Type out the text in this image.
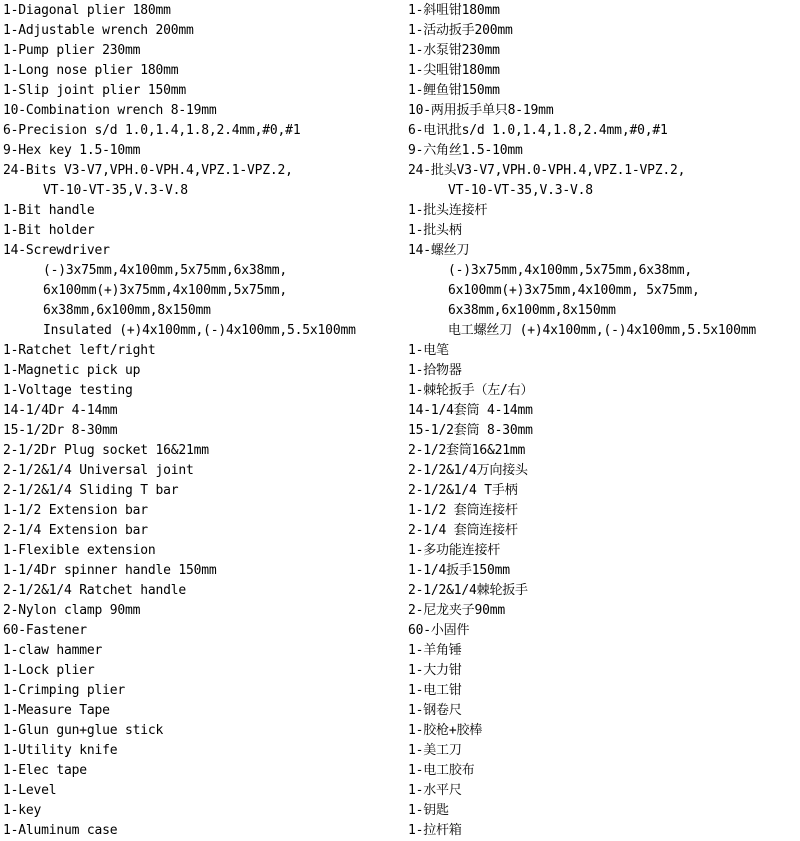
1-Diagonal plier 180mm
1-Adjustable wrench 200mm
1-Pump plier 230mm
1-Long nose plier 180mm
1-Slip joint plier 150mm
10-Combination wrench 8-19mm
6-Precision s/d 1.0,1.4,1.8,2.4mm,#0,#1
9-Hex key 1.5-10mm
24-Bits V3-V7,VPH.0-VPH.4,VPZ.1-VPZ.2,
VT-10-VT-35,V.3-V.8
1-Bit handle
1-Bit holder
14-Screwdriver
(-)3x75mm,4x100mm,5x75mm,6x38mm,
6x100mm(+)3x75mm,4x100mm,5x75mm,
6x38mm,6x100mm,8x150mm
Insulated (+)4x100mm,(-)4x100mm,5.5x100mm
1-Ratchet left/right
1-Magnetic pick up
1-Voltage testing
14-1/4Dr 4-14mm
15-1/2Dr 8-30mm
2-1/2Dr Plug socket 16&21mm
2-1/2&1/4 Universal joint
2-1/2&1/4 Sliding T bar
1-1/2 Extension bar
2-1/4 Extension bar
1-Flexible extension
1-1/4Dr spinner handle 150mm
2-1/2&1/4 Ratchet handle
2-Nylon clamp 90mm
60-Fastener
1-claw hammer
1-Lock plier
1-Crimping plier
1-Measure Tape
1-Glun gun+glue stick
1-Utility knife
1-Elec tape
1-Level
1-key
1-Aluminum case
1-斜咀钳180mm
1-活动扳手200mm
1-水泵钳230mm
1-尖咀钳180mm
1-鲤鱼钳150mm
10-两用扳手单只8-19mm
6-电讯批s/d 1.0,1.4,1.8,2.4mm,#0,#1
9-六角丝1.5-10mm
24-批头V3-V7,VPH.0-VPH.4,VPZ.1-VPZ.2,
VT-10-VT-35,V.3-V.8
1-批头连接杆
1-批头柄
14-螺丝刀
(-)3x75mm,4x100mm,5x75mm,6x38mm,
6x100mm(+)3x75mm,4x100mm, 5x75mm,
6x38mm,6x100mm,8x150mm
电工螺丝刀 (+)4x100mm,(-)4x100mm,5.5x100mm
1-电笔
1-拾物器
1-棘轮扳手（左/右）
14-1/4套筒 4-14mm
15-1/2套筒 8-30mm
2-1/2套筒16&21mm
2-1/2&1/4万向接头
2-1/2&1/4 T手柄
1-1/2 套筒连接杆
2-1/4 套筒连接杆
1-多功能连接杆
1-1/4扳手150mm
2-1/2&1/4棘轮扳手
2-尼龙夹子90mm
60-小固件
1-羊角锤
1-大力钳
1-电工钳
1-钢卷尺
1-胶枪+胶棒
1-美工刀
1-电工胶布
1-水平尺
1-钥匙
1-拉杆箱
